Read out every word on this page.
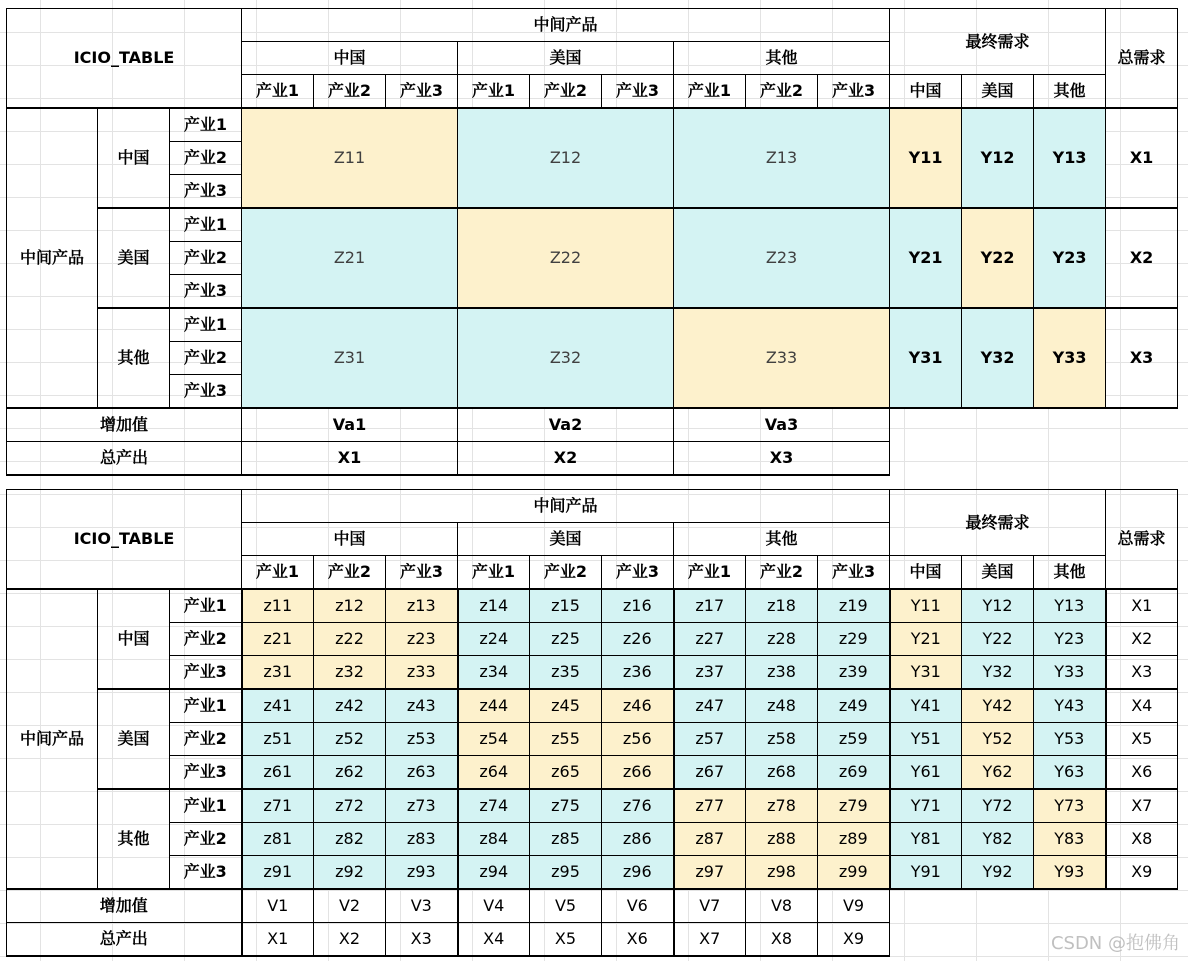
ICIO_TABLE			中间产品									最终需求			总需求
			中国			美国			其他						
			产业1	产业2	产业3	产业1	产业2	产业3	产业1	产业2	产业3	中国	美国	其他	
中间产品	中国	产业1	Z11			Z12			Z13			Y11	Y12	Y13	X1
		产业2													
		产业3													
	美国	产业1	Z21			Z22			Z23			Y21	Y22	Y23	X2
		产业2													
		产业3													
	其他	产业1	Z31			Z32			Z33			Y31	Y32	Y33	X3
		产业2													
		产业3													
增加值			Va1			Va2			Va3						
总产出			X1			X2			X3						
ICIO_TABLE			中间产品									最终需求			总需求
			中国			美国			其他						
			产业1	产业2	产业3	产业1	产业2	产业3	产业1	产业2	产业3	中国	美国	其他	
中间产品	中国	产业1	z11	z12	z13	z14	z15	z16	z17	z18	z19	Y11	Y12	Y13	X1
		产业2	z21	z22	z23	z24	z25	z26	z27	z28	z29	Y21	Y22	Y23	X2
		产业3	z31	z32	z33	z34	z35	z36	z37	z38	z39	Y31	Y32	Y33	X3
	美国	产业1	z41	z42	z43	z44	z45	z46	z47	z48	z49	Y41	Y42	Y43	X4
		产业2	z51	z52	z53	z54	z55	z56	z57	z58	z59	Y51	Y52	Y53	X5
		产业3	z61	z62	z63	z64	z65	z66	z67	z68	z69	Y61	Y62	Y63	X6
	其他	产业1	z71	z72	z73	z74	z75	z76	z77	z78	z79	Y71	Y72	Y73	X7
		产业2	z81	z82	z83	z84	z85	z86	z87	z88	z89	Y81	Y82	Y83	X8
		产业3	z91	z92	z93	z94	z95	z96	z97	z98	z99	Y91	Y92	Y93	X9
增加值			V1	V2	V3	V4	V5	V6	V7	V8	V9				
总产出			X1	X2	X3	X4	X5	X6	X7	X8	X9					CSDN @抱佛角
